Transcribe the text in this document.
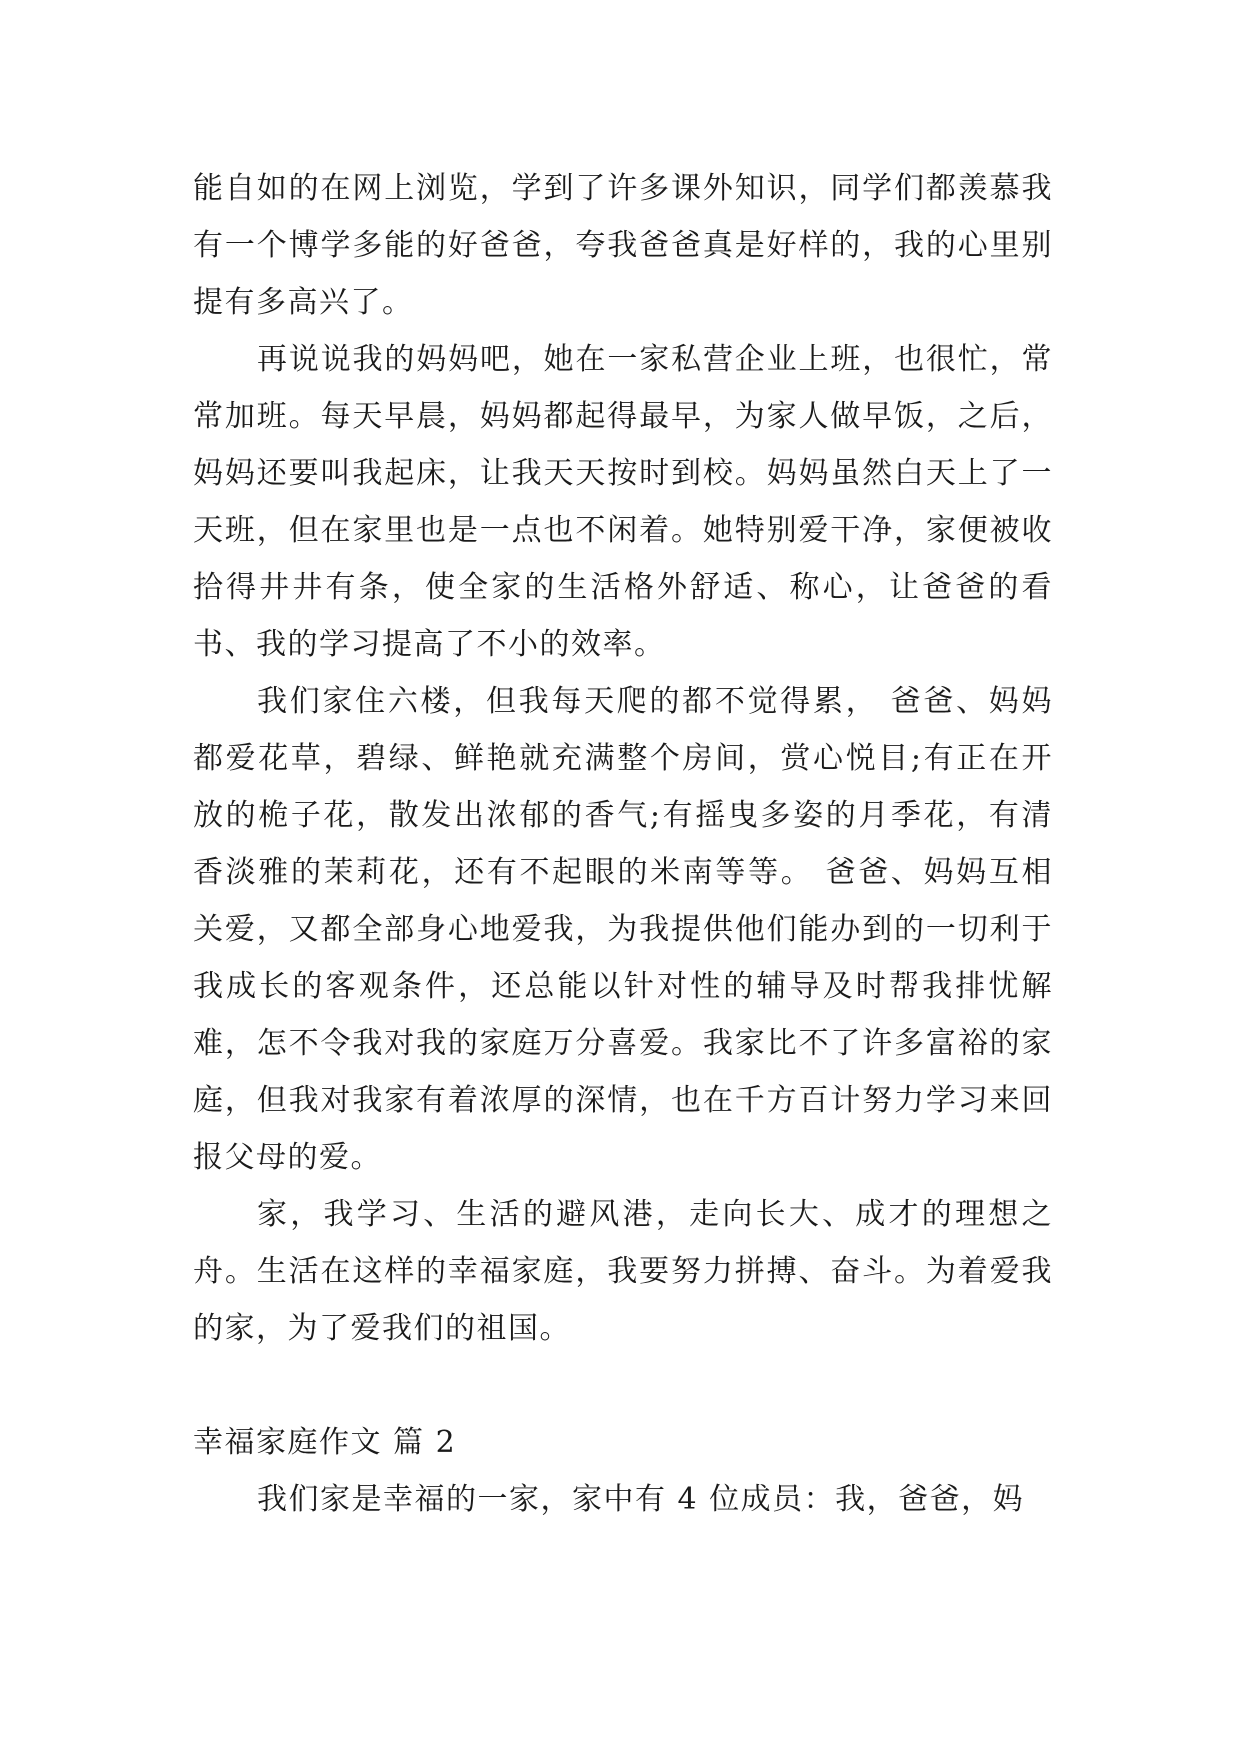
能自如的在网上浏览，学到了许多课外知识，同学们都羡慕我有一个博学多能的好爸爸，夸我爸爸真是好样的，我的心里别提有多高兴了。

再说说我的妈妈吧，她在一家私营企业上班，也很忙，常常加班。每天早晨，妈妈都起得最早，为家人做早饭，之后，妈妈还要叫我起床，让我天天按时到校。妈妈虽然白天上了一天班，但在家里也是一点也不闲着。她特别爱干净，家便被收拾得井井有条，使全家的生活格外舒适、称心，让爸爸的看书、我的学习提高了不小的效率。

我们家住六楼，但我每天爬的都不觉得累， 爸爸、妈妈都爱花草，碧绿、鲜艳就充满整个房间，赏心悦目;有正在开放的桅子花，散发出浓郁的香气;有摇曳多姿的月季花，有清香淡雅的茉莉花，还有不起眼的米南等等。 爸爸、妈妈互相关爱，又都全部身心地爱我，为我提供他们能办到的一切利于我成长的客观条件，还总能以针对性的辅导及时帮我排忧解难，怎不令我对我的家庭万分喜爱。我家比不了许多富裕的家庭，但我对我家有着浓厚的深情，也在千方百计努力学习来回报父母的爱。

家，我学习、生活的避风港，走向长大、成才的理想之舟。生活在这样的幸福家庭，我要努力拼搏、奋斗。为着爱我的家，为了爱我们的祖国。

幸福家庭作文 篇 2

我们家是幸福的一家，家中有 4 位成员：我，爸爸，妈
